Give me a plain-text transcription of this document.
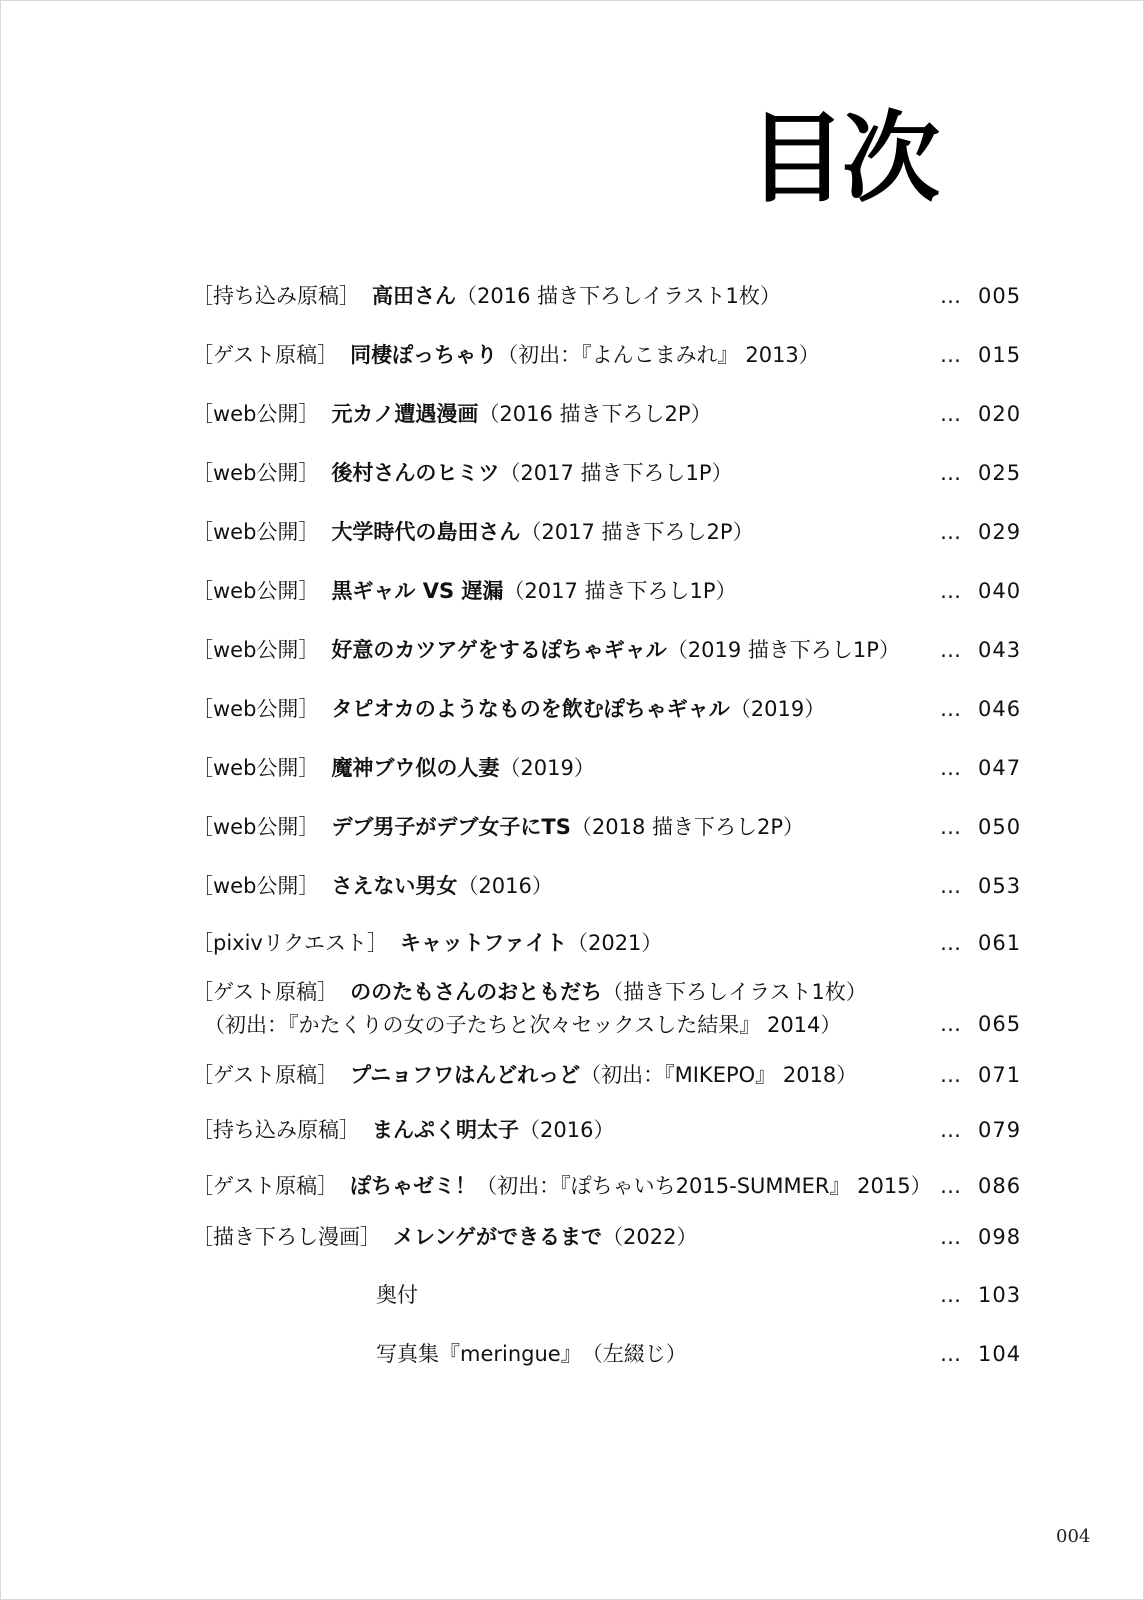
目次
［持ち込み原稿］ 高田さん （2016 描き下ろしイラスト1枚）	… 005
［ゲスト原稿］ 同棲ぽっちゃり （初出：『よんこまみれ』 2013）	… 015
［web公開］ 元カノ遭遇漫画 （2016 描き下ろし2P）	… 020
［web公開］ 後村さんのヒミツ （2017 描き下ろし1P）	… 025
［web公開］ 大学時代の島田さん （2017 描き下ろし2P）	… 029
［web公開］ 黒ギャル VS 遅漏 （2017 描き下ろし1P）	… 040
［web公開］ 好意のカツアゲをするぽちゃギャル （2019 描き下ろし1P） … 043
［web公開］ タピオカのようなものを飲むぽちゃギャル （2019）	… 046
［web公開］ 魔神ブウ似の人妻 （2019）	… 047
［web公開］ デブ男子がデブ女子にTS （2018 描き下ろし2P）	… 050
［web公開］ さえない男女 （2016）	… 053
［pixivリクエスト］ キャットファイト （2021）	… 061
［ゲスト原稿］ ののたもさんのおともだち （描き下ろしイラスト1枚）
（初出：『かたくりの女の子たちと次々セックスした結果』 2014）	… 065
［ゲスト原稿］ プニョフワはんどれっど （初出：『MIKEPO』 2018）	… 071
［持ち込み原稿］ まんぷく明太子 （2016）	… 079
［ゲスト原稿］ ぽちゃゼミ！ （初出：『ぽちゃいち2015-SUMMER』 2015） … 086
［描き下ろし漫画］ メレンゲができるまで （2022）	… 098
奥付	… 103
写真集『meringue』 （左綴じ）	… 104
004
